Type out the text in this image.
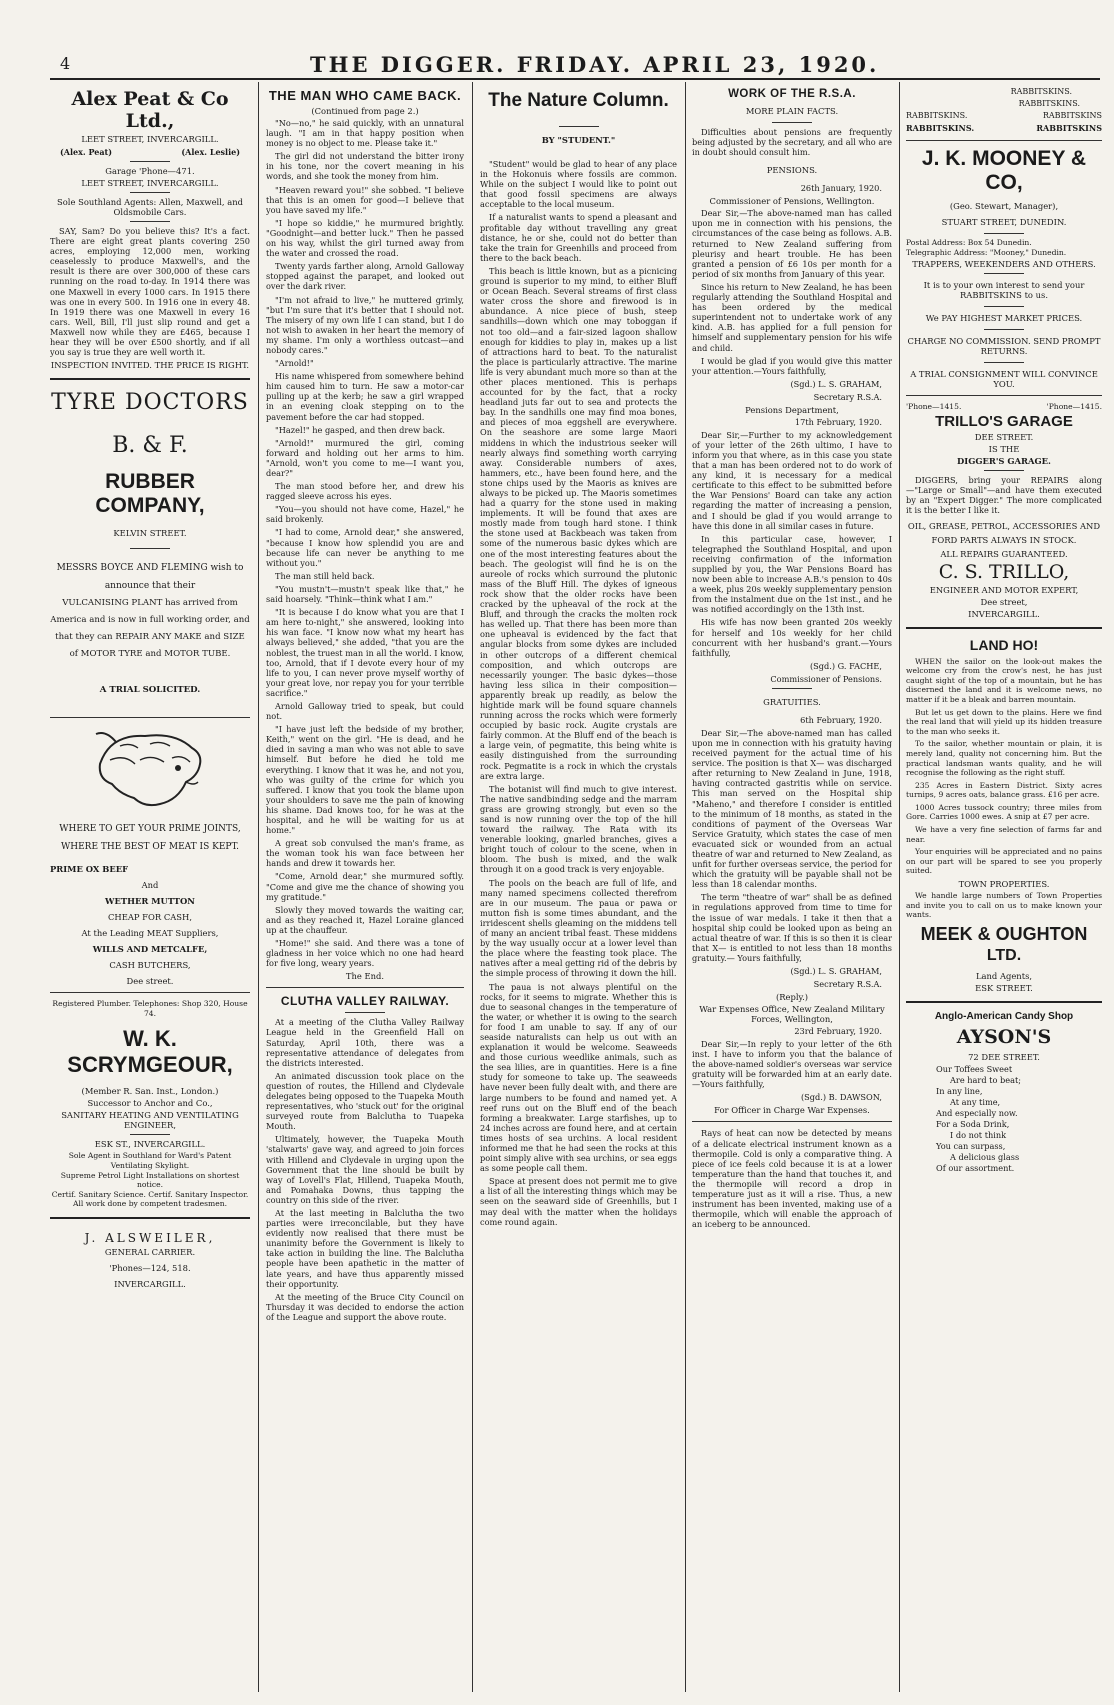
4	THE DIGGER. FRIDAY. APRIL 23, 1920.
Alex Peat & Co Ltd.,
LEET STREET, INVERCARGILL.
(Alex. Peat)	(Alex. Leslie)
Garage 'Phone—471.
LEET STREET, INVERCARGILL.
Sole Southland Agents: Allen, Maxwell, and Oldsmobile Cars.

SAY, Sam? Do you believe this? It's a fact. There are eight great plants covering 250 acres, employing 12,000 men, working ceaselessly to produce Maxwell's, and the result is there are over 300,000 of these cars running on the road to-day. In 1914 there was one Maxwell in every 1000 cars. In 1915 there was one in every 500. In 1916 one in every 48. In 1919 there was one Maxwell in every 16 cars. Well, Bill, I'll just slip round and get a Maxwell now while they are £465, because I hear they will be over £500 shortly, and if all you say is true they are well worth it.

INSPECTION INVITED. THE PRICE IS RIGHT.
TYRE DOCTORS
B. & F.
RUBBER COMPANY,
KELVIN STREET.
MESSRS BOYCE AND FLEMING wish to announce that their
VULCANISING PLANT has arrived from America and is now in full working order, and that they can REPAIR ANY MAKE and SIZE of MOTOR TYRE and MOTOR TUBE.
A TRIAL SOLICITED.
WHERE TO GET YOUR PRIME JOINTS,
WHERE THE BEST OF MEAT IS KEPT.
PRIME OX BEEF
And
WETHER MUTTON
CHEAP FOR CASH,
At the Leading MEAT Suppliers,
WILLS AND METCALFE,
CASH BUTCHERS,
Dee street.
Registered Plumber. Telephones: Shop 320, House 74.
W. K. SCRYMGEOUR,
(Member R. San. Inst., London.)
Successor to Anchor and Co.,
SANITARY HEATING AND VENTILATING ENGINEER,
ESK ST., INVERCARGILL.
Sole Agent in Southland for Ward's Patent Ventilating Skylight.
Supreme Petrol Light Installations on shortest notice.
Certif. Sanitary Science. Certif. Sanitary Inspector.
All work done by competent tradesmen.
J. ALSWEILER,
GENERAL CARRIER.
'Phones—124, 518.
INVERCARGILL.
THE MAN WHO CAME BACK.
(Continued from page 2.)

"No—no," he said quickly, with an unnatural laugh. "I am in that happy position when money is no object to me. Please take it."

The girl did not understand the bitter irony in his tone, nor the covert meaning in his words, and she took the money from him.

"Heaven reward you!" she sobbed. "I believe that this is an omen for good—I believe that you have saved my life."

"I hope so kiddie," he murmured brightly. "Goodnight—and better luck." Then he passed on his way, whilst the girl turned away from the water and crossed the road.

Twenty yards farther along, Arnold Galloway stopped against the parapet, and looked out over the dark river.

"I'm not afraid to live," he muttered grimly, "but I'm sure that it's better that I should not. The misery of my own life I can stand, but I do not wish to awaken in her heart the memory of my shame. I'm only a worthless outcast—and nobody cares."

"Arnold!"

His name whispered from somewhere behind him caused him to turn. He saw a motor-car pulling up at the kerb; he saw a girl wrapped in an evening cloak stepping on to the pavement before the car had stopped.

"Hazel!" he gasped, and then drew back.

"Arnold!" murmured the girl, coming forward and holding out her arms to him. "Arnold, won't you come to me—I want you, dear?"

The man stood before her, and drew his ragged sleeve across his eyes.

"You—you should not have come, Hazel," he said brokenly.

"I had to come, Arnold dear," she answered, "because I know how splendid you are and because life can never be anything to me without you."

The man still held back.

"You mustn't—mustn't speak like that," he said hoarsely. "Think—think what I am."

"It is because I do know what you are that I am here to-night," she answered, looking into his wan face. "I know now what my heart has always believed," she added, "that you are the noblest, the truest man in all the world. I know, too, Arnold, that if I devote every hour of my life to you, I can never prove myself worthy of your great love, nor repay you for your terrible sacrifice."

Arnold Galloway tried to speak, but could not.

"I have just left the bedside of my brother, Keith," went on the girl. "He is dead, and he died in saving a man who was not able to save himself. But before he died he told me everything. I know that it was he, and not you, who was guilty of the crime for which you suffered. I know that you took the blame upon your shoulders to save me the pain of knowing his shame. Dad knows too, for he was at the hospital, and he will be waiting for us at home."

A great sob convulsed the man's frame, as the woman took his wan face between her hands and drew it towards her.

"Come, Arnold dear," she murmured softly. "Come and give me the chance of showing you my gratitude."

Slowly they moved towards the waiting car, and as they reached it, Hazel Loraine glanced up at the chauffeur.

"Home!" she said. And there was a tone of gladness in her voice which no one had heard for five long, weary years.

The End.
CLUTHA VALLEY RAILWAY.

At a meeting of the Clutha Valley Railway League held in the Greenfield Hall on Saturday, April 10th, there was a representative attendance of delegates from the districts interested.

An animated discussion took place on the question of routes, the Hillend and Clydevale delegates being opposed to the Tuapeka Mouth representatives, who 'stuck out' for the original surveyed route from Balclutha to Tuapeka Mouth.

Ultimately, however, the Tuapeka Mouth 'stalwarts' gave way, and agreed to join forces with Hillend and Clydevale in urging upon the Government that the line should be built by way of Lovell's Flat, Hillend, Tuapeka Mouth, and Pomahaka Downs, thus tapping the country on this side of the river.

At the last meeting in Balclutha the two parties were irreconcilable, but they have evidently now realised that there must be unanimity before the Government is likely to take action in building the line. The Balclutha people have been apathetic in the matter of late years, and have thus apparently missed their opportunity.

At the meeting of the Bruce City Council on Thursday it was decided to endorse the action of the League and support the above route.

The Nature Column.
BY "STUDENT."

"Student" would be glad to hear of any place in the Hokonuis where fossils are common. While on the subject I would like to point out that good fossil specimens are always acceptable to the local museum.

If a naturalist wants to spend a pleasant and profitable day without travelling any great distance, he or she, could not do better than take the train for Greenhills and proceed from there to the back beach.

This beach is little known, but as a picnicing ground is superior to my mind, to either Bluff or Ocean Beach. Several streams of first class water cross the shore and firewood is in abundance. A nice piece of bush, steep sandhills—down which one may toboggan if not too old—and a fair-sized lagoon shallow enough for kiddies to play in, makes up a list of attractions hard to beat. To the naturalist the place is particularly attractive. The marine life is very abundant much more so than at the other places mentioned. This is perhaps accounted for by the fact, that a rocky headland juts far out to sea and protects the bay. In the sandhills one may find moa bones, and pieces of moa eggshell are everywhere. On the seashore are some large Maori middens in which the industrious seeker will nearly always find something worth carrying away. Considerable numbers of axes, hammers, etc., have been found here, and the stone chips used by the Maoris as knives are always to be picked up. The Maoris sometimes had a quarry for the stone used in making implements. It will be found that axes are mostly made from tough hard stone. I think the stone used at Backbeach was taken from some of the numerous basic dykes which are one of the most interesting features about the beach. The geologist will find he is on the aureole of rocks which surround the plutonic mass of the Bluff Hill. The dykes of igneous rock show that the older rocks have been cracked by the upheaval of the rock at the Bluff, and through the cracks the molten rock has welled up. That there has been more than one upheaval is evidenced by the fact that angular blocks from some dykes are included in other outcrops of a different chemical composition, and which outcrops are necessarily younger. The basic dykes—those having less silica in their composition—apparently break up readily, as below the hightide mark will be found square channels running across the rocks which were formerly occupied by basic rock. Augite crystals are fairly common. At the Bluff end of the beach is a large vein, of pegmatite, this being white is easily distinguished from the surrounding rock. Pegmatite is a rock in which the crystals are extra large.

The botanist will find much to give interest. The native sandbinding sedge and the marram grass are growing strongly, but even so the sand is now running over the top of the hill toward the railway. The Rata with its venerable looking, gnarled branches, gives a bright touch of colour to the scene, when in bloom. The bush is mixed, and the walk through it on a good track is very enjoyable.

The pools on the beach are full of life, and many named specimens collected therefrom are in our museum. The paua or pawa or mutton fish is some times abundant, and the irridescent shells gleaming on the middens tell of many an ancient tribal feast. These middens by the way usually occur at a lower level than the place where the feasting took place. The natives after a meal getting rid of the debris by the simple process of throwing it down the hill.

The paua is not always plentiful on the rocks, for it seems to migrate. Whether this is due to seasonal changes in the temperature of the water, or whether it is owing to the search for food I am unable to say. If any of our seaside naturalists can help us out with an explanation it would be welcome. Seaweeds and those curious weedlike animals, such as the sea lilies, are in quantities. Here is a fine study for someone to take up. The seaweeds have never been fully dealt with, and there are large numbers to be found and named yet. A reef runs out on the Bluff end of the beach forming a breakwater. Large starfishes, up to 24 inches across are found here, and at certain times hosts of sea urchins. A local resident informed me that he had seen the rocks at this point simply alive with sea urchins, or sea eggs as some people call them.

Space at present does not permit me to give a list of all the interesting things which may be seen on the seaward side of Greenhills, but I may deal with the matter when the holidays come round again.

WORK OF THE R.S.A.
MORE PLAIN FACTS.

Difficulties about pensions are frequently being adjusted by the secretary, and all who are in doubt should consult him.

PENSIONS.
26th January, 1920.
Commissioner of Pensions, Wellington.

Dear Sir,—The above-named man has called upon me in connection with his pensions, the circumstances of the case being as follows. A.B. returned to New Zealand suffering from pleurisy and heart trouble. He has been granted a pension of £6 10s per month for a period of six months from January of this year.

Since his return to New Zealand, he has been regularly attending the Southland Hospital and has been ordered by the medical superintendent not to undertake work of any kind. A.B. has applied for a full pension for himself and supplementary pension for his wife and child.

I would be glad if you would give this matter your attention.—Yours faithfully,

(Sgd.) L. S. GRAHAM,
Secretary R.S.A.
Pensions Department,
17th February, 1920.

Dear Sir,—Further to my acknowledgement of your letter of the 26th ultimo, I have to inform you that where, as in this case you state that a man has been ordered not to do work of any kind, it is necessary for a medical certificate to this effect to be submitted before the War Pensions' Board can take any action regarding the matter of increasing a pension, and I should be glad if you would arrange to have this done in all similar cases in future.

In this particular case, however, I telegraphed the Southland Hospital, and upon receiving confirmation of the information supplied by you, the War Pensions Board has now been able to increase A.B.'s pension to 40s a week, plus 20s weekly supplementary pension from the instalment due on the 1st inst., and he was notified accordingly on the 13th inst.

His wife has now been granted 20s weekly for herself and 10s weekly for her child concurrent with her husband's grant.—Yours faithfully,

(Sgd.) G. FACHE,
Commissioner of Pensions.
GRATUITIES.
6th February, 1920.

Dear Sir,—The above-named man has called upon me in connection with his gratuity having received payment for the actual time of his service. The position is that X— was discharged after returning to New Zealand in June, 1918, having contracted gastritis while on service. This man served on the Hospital ship "Maheno," and therefore I consider is entitled to the minimum of 18 months, as stated in the conditions of payment of the Overseas War Service Gratuity, which states the case of men evacuated sick or wounded from an actual theatre of war and returned to New Zealand, as unfit for further overseas service, the period for which the gratuity will be payable shall not be less than 18 calendar months.

The term "theatre of war" shall be as defined in regulations approved from time to time for the issue of war medals. I take it then that a hospital ship could be looked upon as being an actual theatre of war. If this is so then it is clear that X— is entitled to not less than 18 months gratuity.— Yours faithfully,

(Sgd.) L. S. GRAHAM,
Secretary R.S.A.
(Reply.)
War Expenses Office, New Zealand Military Forces, Wellington,
23rd February, 1920.

Dear Sir,—In reply to your letter of the 6th inst. I have to inform you that the balance of the above-named soldier's overseas war service gratuity will be forwarded him at an early date.—Yours faithfully,

(Sgd.) B. DAWSON,
For Officer in Charge War Expenses.

Rays of heat can now be detected by means of a delicate electrical instrument known as a thermopile. Cold is only a comparative thing. A piece of ice feels cold because it is at a lower temperature than the hand that touches it, and the thermopile will record a drop in temperature just as it will a rise. Thus, a new instrument has been invented, making use of a thermopile, which will enable the approach of an iceberg to be announced.

RABBITSKINS.
RABBITSKINS.
RABBITSKINS.	RABBITSKINS
RABBITSKINS.	RABBITSKINS
J. K. MOONEY & CO,
(Geo. Stewart, Manager),
STUART STREET, DUNEDIN.
Postal Address: Box 54 Dunedin.
Telegraphic Address: "Mooney," Dunedin.
TRAPPERS, WEEKENDERS AND OTHERS.
It is to your own interest to send your RABBITSKINS to us.
We PAY HIGHEST MARKET PRICES.
CHARGE NO COMMISSION. SEND PROMPT RETURNS.
A TRIAL CONSIGNMENT WILL CONVINCE YOU.
'Phone—1415.	'Phone—1415.
TRILLO'S GARAGE
DEE STREET.
IS THE
DIGGER'S GARAGE.

DIGGERS, bring your REPAIRS along —"Large or Small"—and have them executed by an "Expert Digger." The more complicated it is the better I like it.

OIL, GREASE, PETROL, ACCESSORIES AND FORD PARTS ALWAYS IN STOCK.
ALL REPAIRS GUARANTEED.
C. S. TRILLO,
ENGINEER AND MOTOR EXPERT,
Dee street,
INVERCARGILL.
LAND HO!

WHEN the sailor on the look-out makes the welcome cry from the crow's nest, he has just caught sight of the top of a mountain, but he has discerned the land and it is welcome news, no matter if it be a bleak and barren mountain.

But let us get down to the plains. Here we find the real land that will yield up its hidden treasure to the man who seeks it.

To the sailor, whether mountain or plain, it is merely land, quality not concerning him. But the practical landsman wants quality, and he will recognise the following as the right stuff.

235 Acres in Eastern District. Sixty acres turnips, 9 acres oats, balance grass. £16 per acre.

1000 Acres tussock country; three miles from Gore. Carries 1000 ewes. A snip at £7 per acre.

We have a very fine selection of farms far and near.

Your enquiries will be appreciated and no pains on our part will be spared to see you properly suited.

TOWN PROPERTIES.

We handle large numbers of Town Properties and invite you to call on us to make known your wants.

MEEK & OUGHTON
LTD.
Land Agents,
ESK STREET.
Anglo-American Candy Shop
AYSON'S
72 DEE STREET.
Our Toffees Sweet
Are hard to beat;
In any line,
At any time,
And especially now.
For a Soda Drink,
I do not think
You can surpass,
A delicious glass
Of our assortment.
